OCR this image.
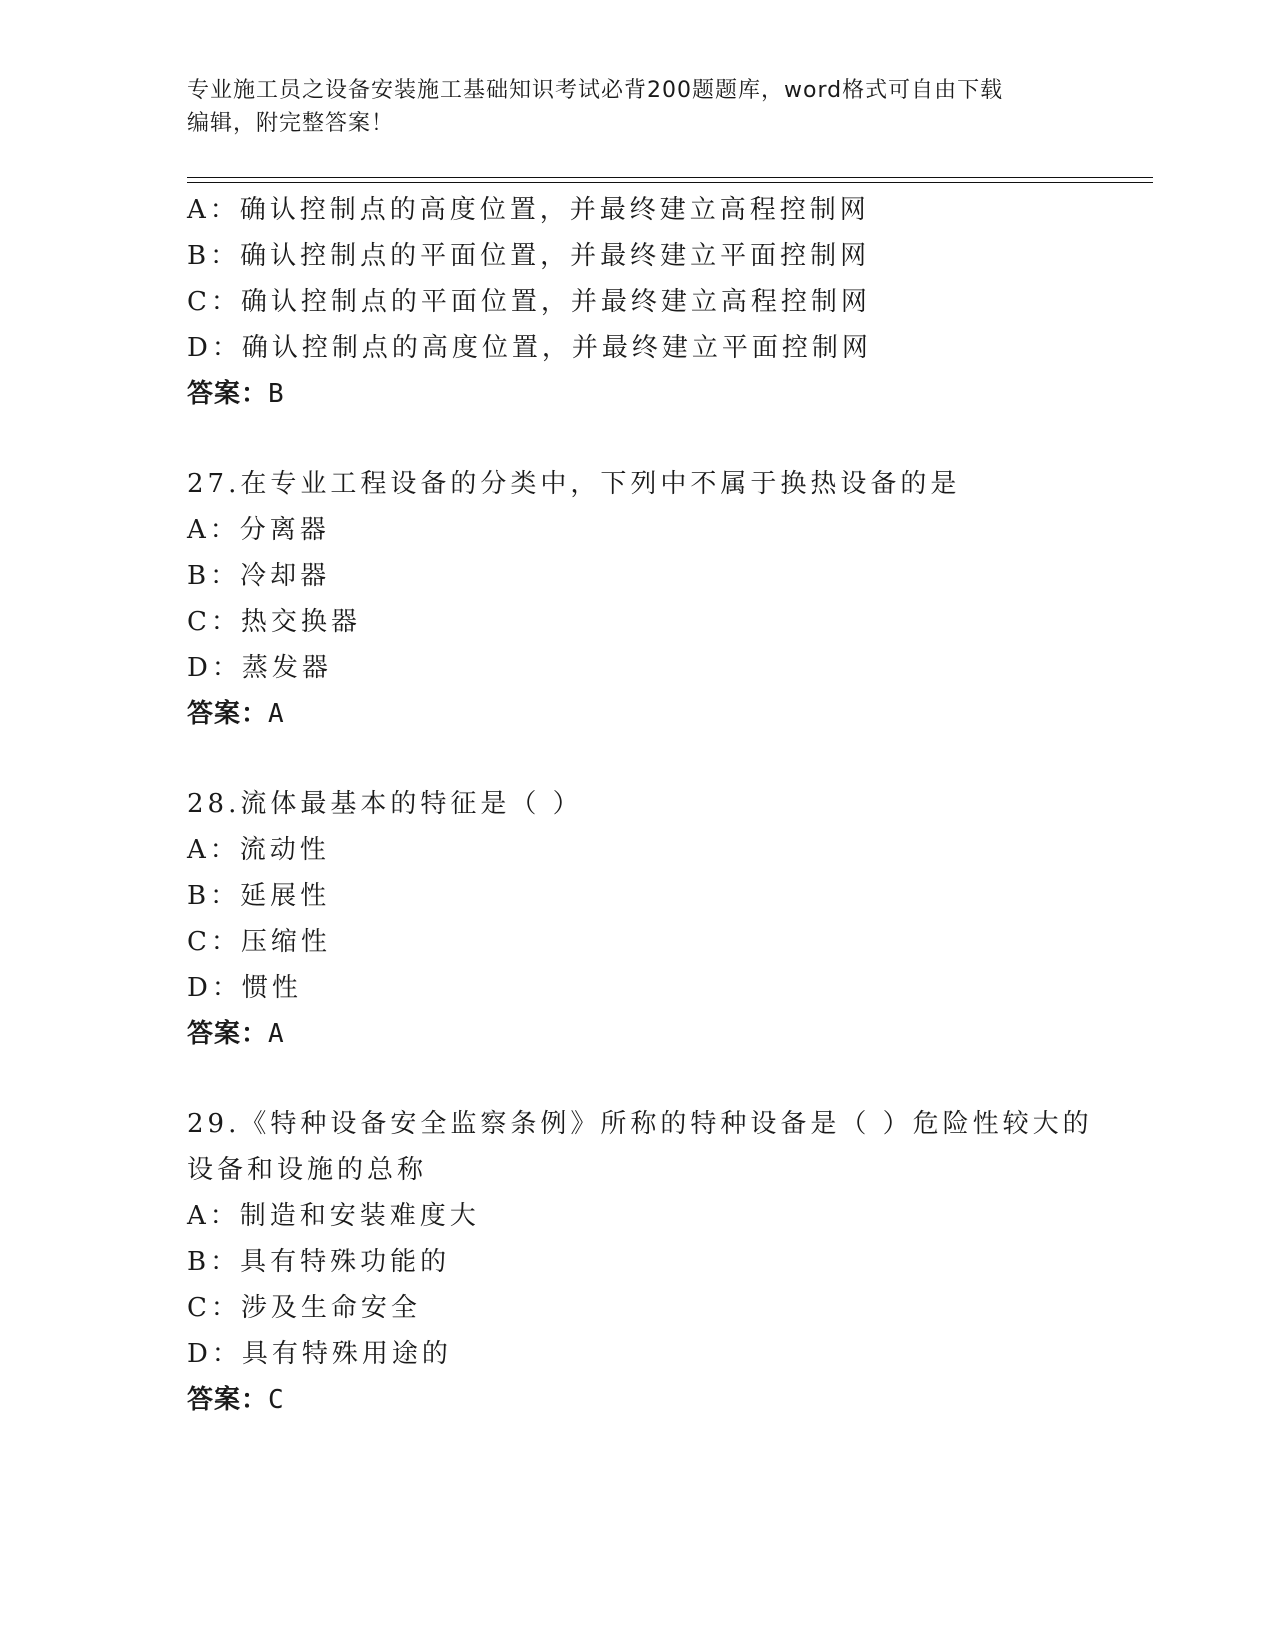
专业施工员之设备安装施工基础知识考试必背200题题库，word格式可自由下载
编辑，附完整答案！
A：确认控制点的高度位置，并最终建立高程控制网
B：确认控制点的平面位置，并最终建立平面控制网
C：确认控制点的平面位置，并最终建立高程控制网
D：确认控制点的高度位置，并最终建立平面控制网
答案：B
27.在专业工程设备的分类中，下列中不属于换热设备的是
A：分离器
B：冷却器
C：热交换器
D：蒸发器
答案：A
28.流体最基本的特征是（ ）
A：流动性
B：延展性
C：压缩性
D：惯性
答案：A
29.《特种设备安全监察条例》所称的特种设备是（ ）危险性较大的
设备和设施的总称
A：制造和安装难度大
B：具有特殊功能的
C：涉及生命安全
D：具有特殊用途的
答案：C
